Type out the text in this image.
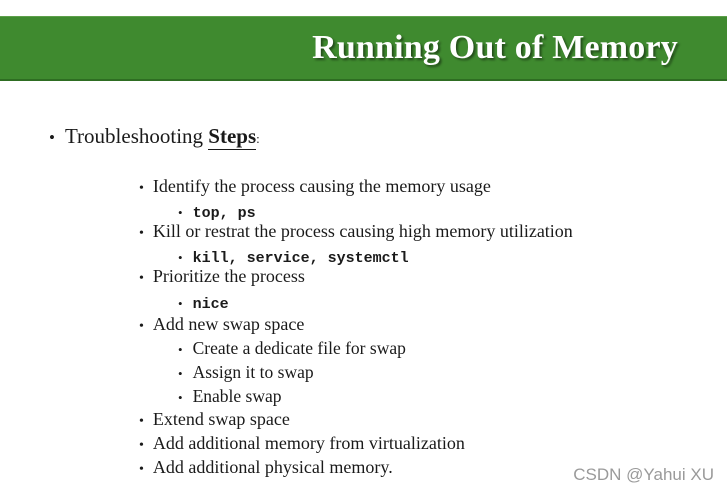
Running Out of Memory
• Troubleshooting Steps:
• Identify the process causing the memory usage
• top, ps
• Kill or restrat the process causing high memory utilization
• kill, service, systemctl
• Prioritize the process
• nice
• Add new swap space
• Create a dedicate file for swap
• Assign it to swap
• Enable swap
• Extend swap space
• Add additional memory from virtualization
• Add additional physical memory.	CSDN @Yahui XU
